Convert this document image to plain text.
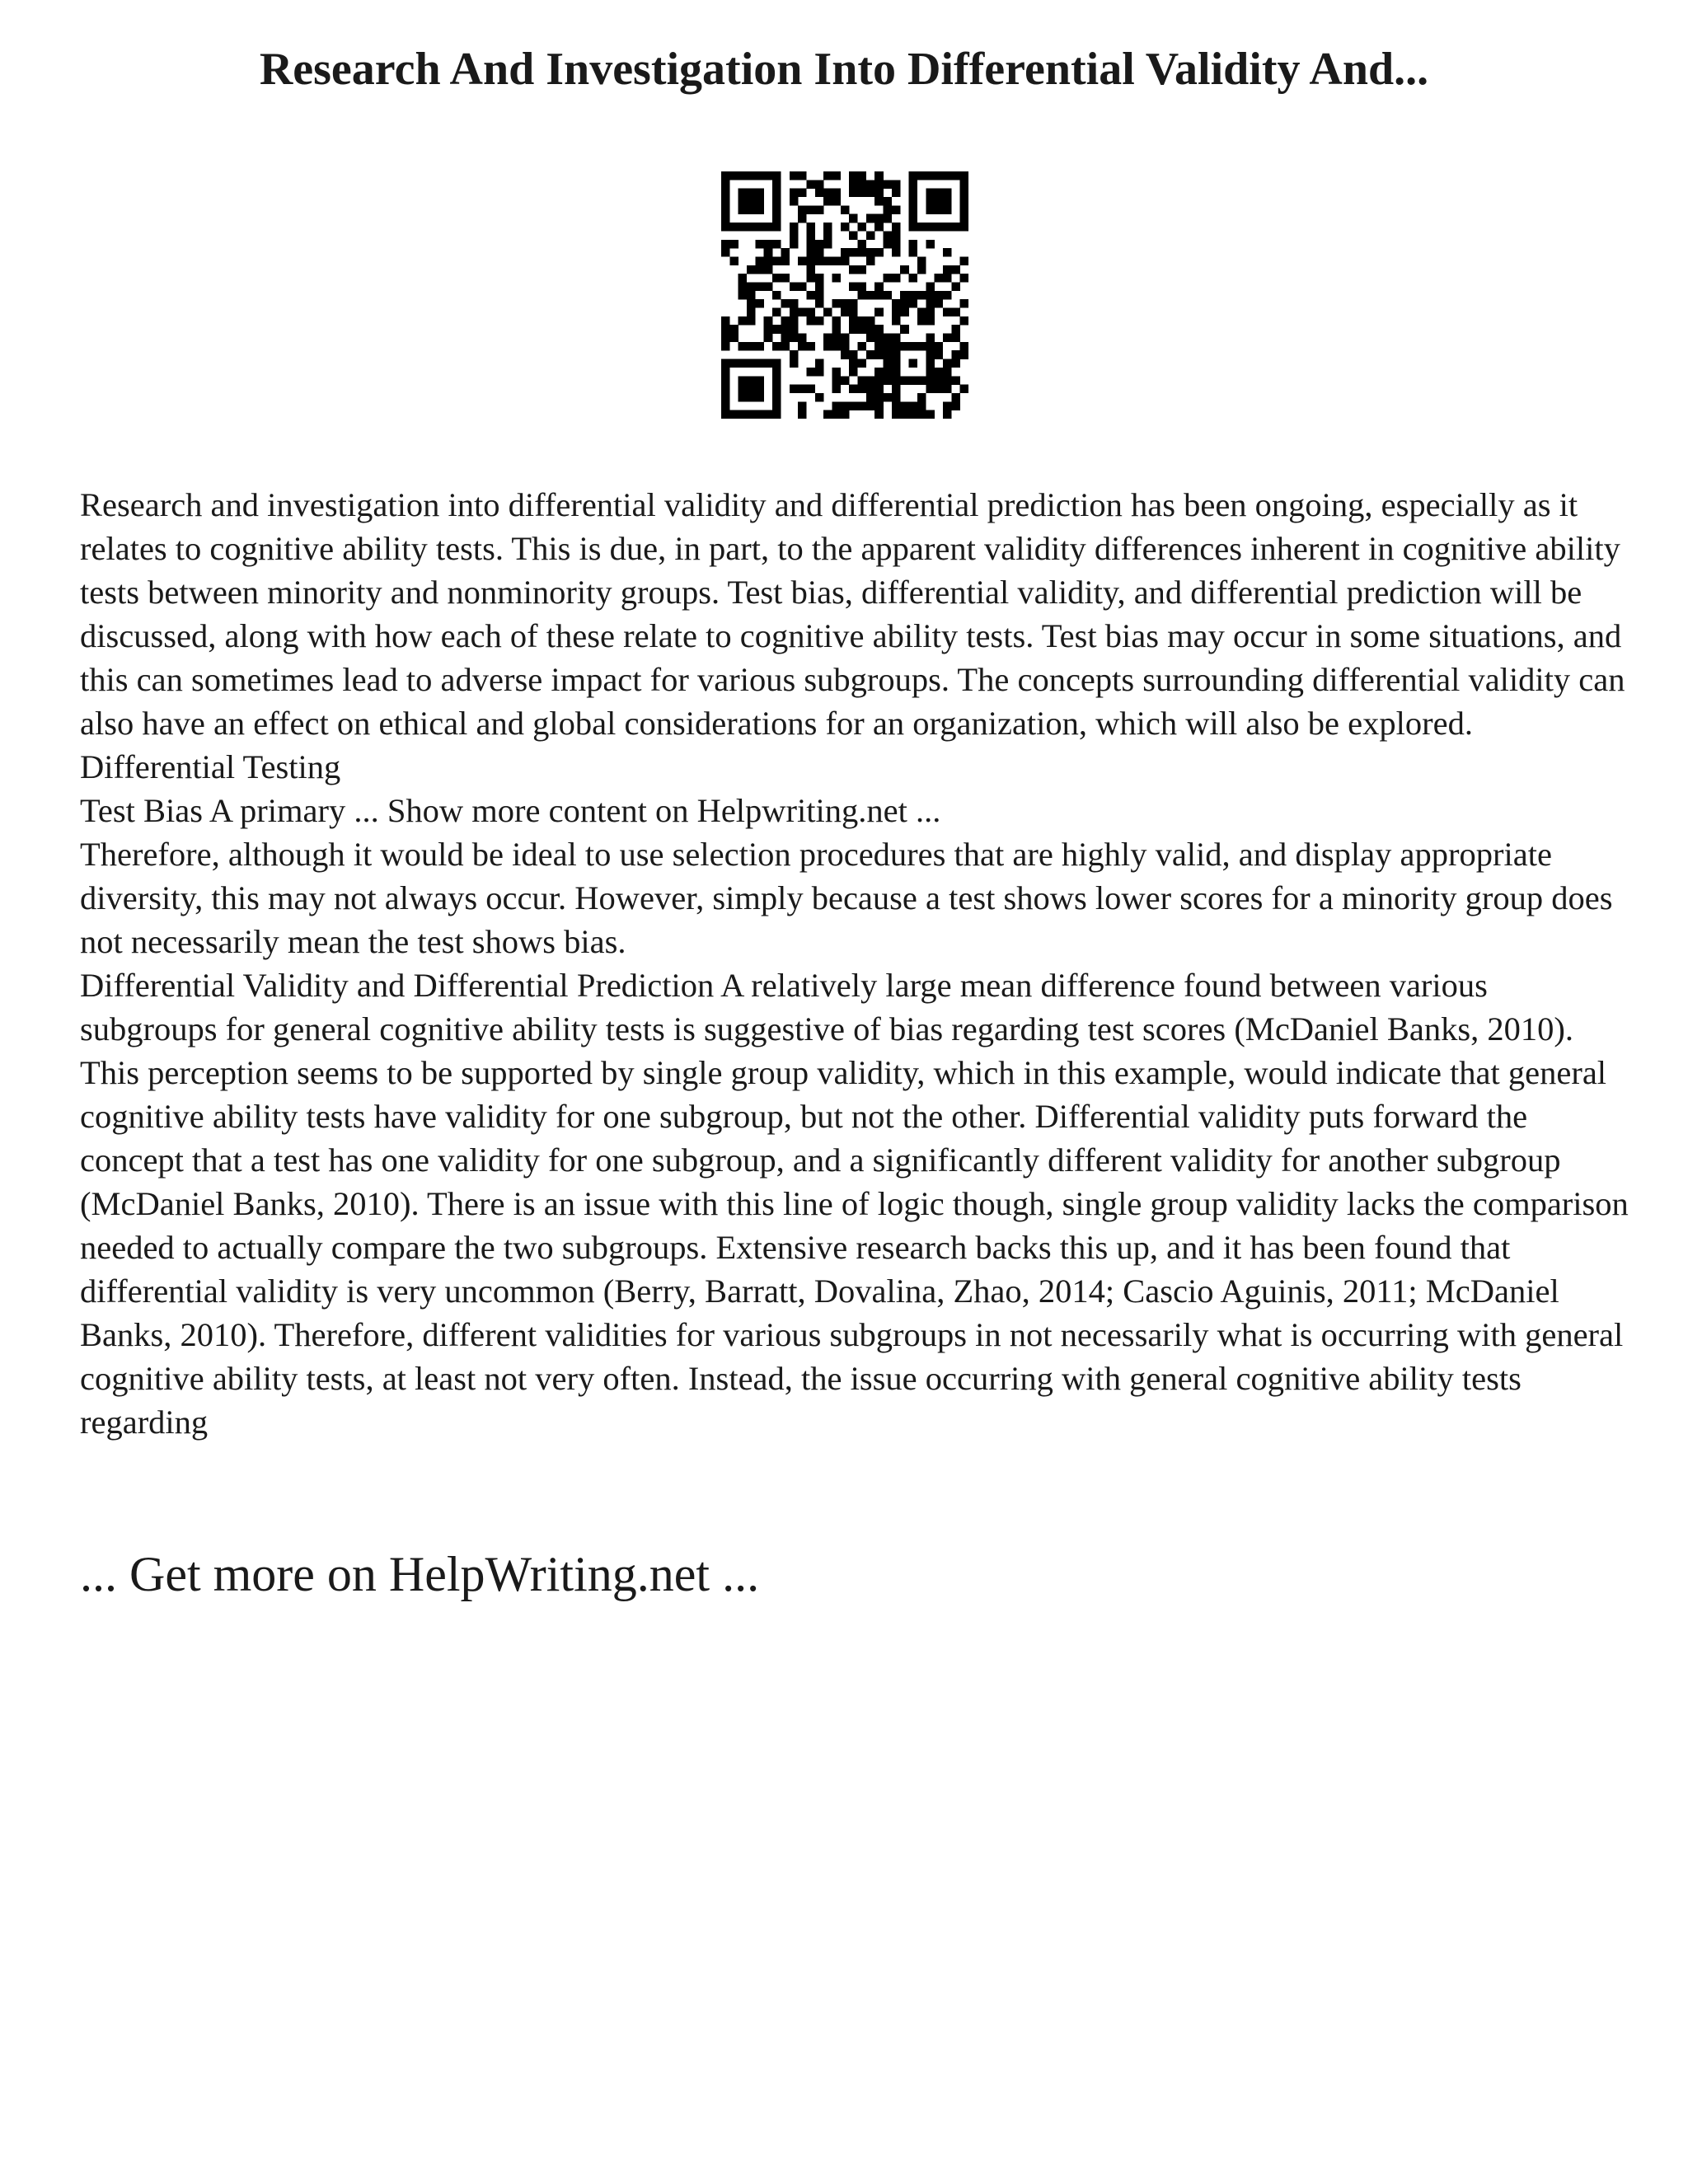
Research And Investigation Into Differential Validity And...

Research and investigation into differential validity and differential prediction has been ongoing, especially as it relates to cognitive ability tests. This is due, in part, to the apparent validity differences inherent in cognitive ability tests between minority and nonminority groups. Test bias, differential validity, and differential prediction will be discussed, along with how each of these relate to cognitive ability tests. Test bias may occur in some situations, and this can sometimes lead to adverse impact for various subgroups. The concepts surrounding differential validity can also have an effect on ethical and global considerations for an organization, which will also be explored.

Differential Testing

Test Bias A primary ... Show more content on Helpwriting.net ...

Therefore, although it would be ideal to use selection procedures that are highly valid, and display appropriate diversity, this may not always occur. However, simply because a test shows lower scores for a minority group does not necessarily mean the test shows bias.

Differential Validity and Differential Prediction A relatively large mean difference found between various subgroups for general cognitive ability tests is suggestive of bias regarding test scores (McDaniel Banks, 2010). This perception seems to be supported by single group validity, which in this example, would indicate that general cognitive ability tests have validity for one subgroup, but not the other. Differential validity puts forward the concept that a test has one validity for one subgroup, and a significantly different validity for another subgroup (McDaniel Banks, 2010). There is an issue with this line of logic though, single group validity lacks the comparison needed to actually compare the two subgroups. Extensive research backs this up, and it has been found that differential validity is very uncommon (Berry, Barratt, Dovalina, Zhao, 2014; Cascio Aguinis, 2011; McDaniel Banks, 2010). Therefore, different validities for various subgroups in not necessarily what is occurring with general cognitive ability tests, at least not very often. Instead, the issue occurring with general cognitive ability tests regarding

... Get more on HelpWriting.net ...
